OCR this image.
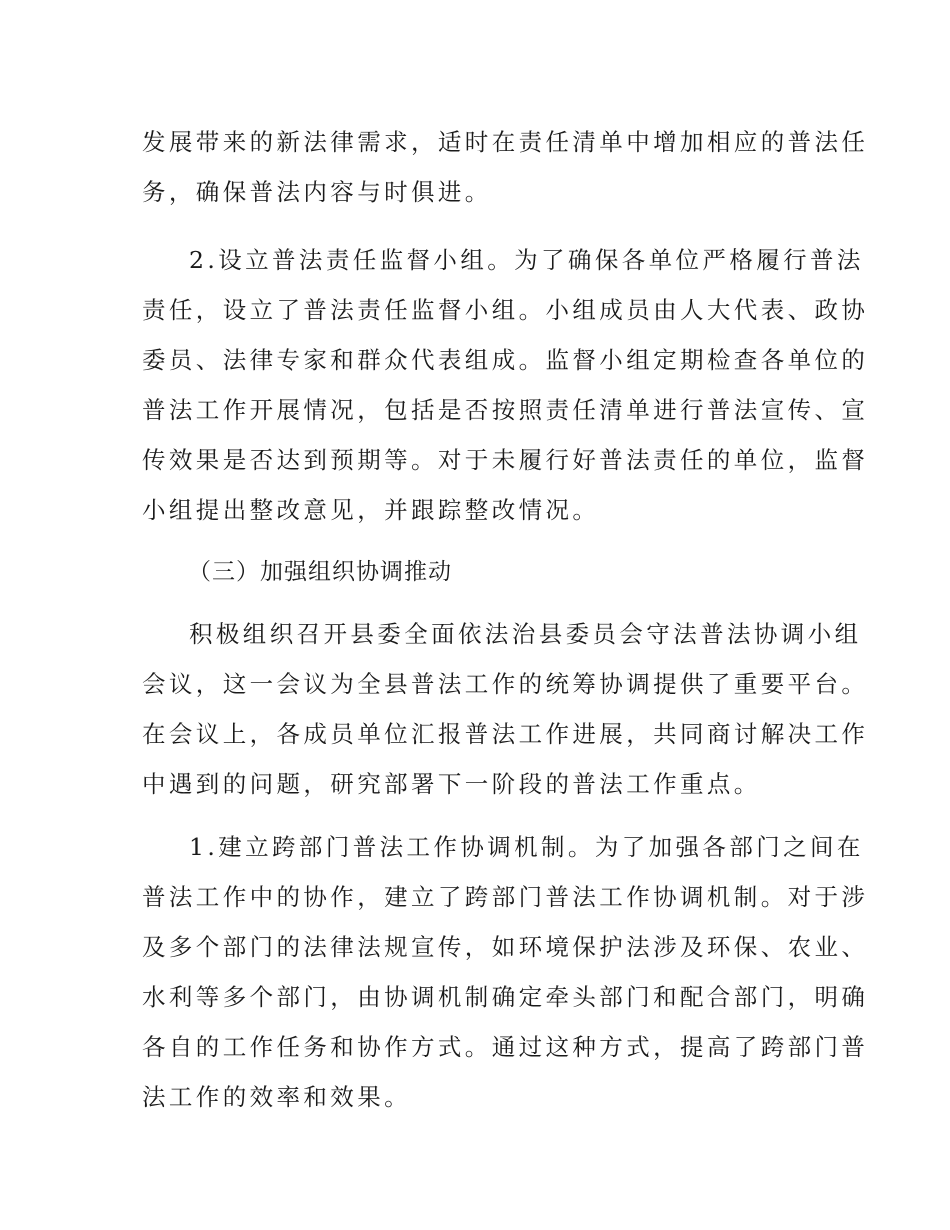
发展带来的新法律需求，适时在责任清单中增加相应的普法任
务，确保普法内容与时俱进。
2.设立普法责任监督小组。为了确保各单位严格履行普法
责任，设立了普法责任监督小组。小组成员由人大代表、政协
委员、法律专家和群众代表组成。监督小组定期检查各单位的
普法工作开展情况，包括是否按照责任清单进行普法宣传、宣
传效果是否达到预期等。对于未履行好普法责任的单位，监督
小组提出整改意见，并跟踪整改情况。
（三）加强组织协调推动
积极组织召开县委全面依法治县委员会守法普法协调小组
会议，这一会议为全县普法工作的统筹协调提供了重要平台。
在会议上，各成员单位汇报普法工作进展，共同商讨解决工作
中遇到的问题，研究部署下一阶段的普法工作重点。
1.建立跨部门普法工作协调机制。为了加强各部门之间在
普法工作中的协作，建立了跨部门普法工作协调机制。对于涉
及多个部门的法律法规宣传，如环境保护法涉及环保、农业、
水利等多个部门，由协调机制确定牵头部门和配合部门，明确
各自的工作任务和协作方式。通过这种方式，提高了跨部门普
法工作的效率和效果。
